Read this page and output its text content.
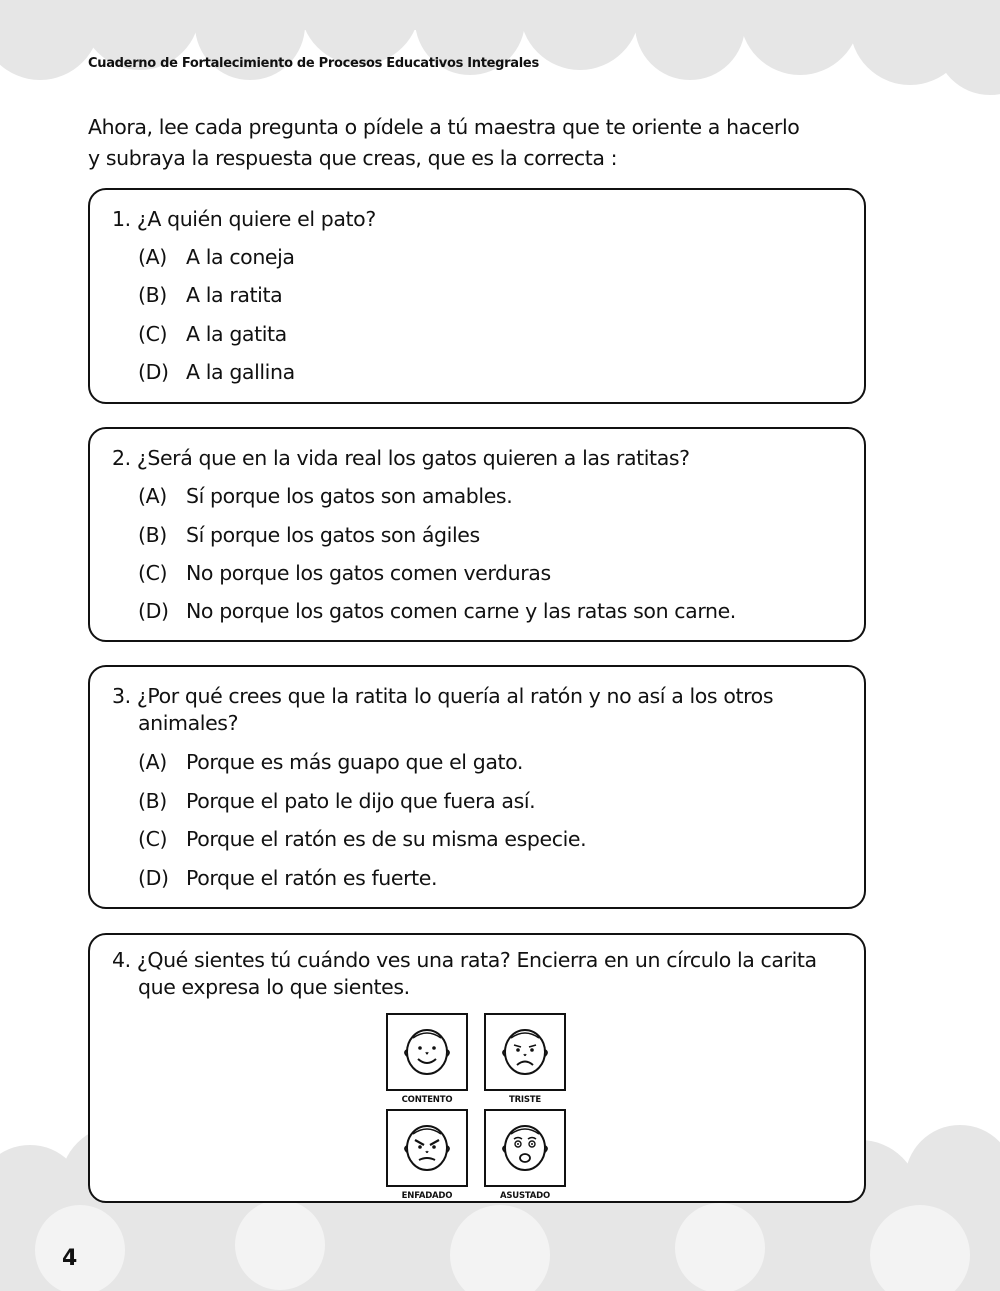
Cuaderno de Fortalecimiento de Procesos Educativos Integrales
Ahora, lee cada pregunta o pídele a tú maestra que te oriente a hacerlo
y subraya la respuesta que creas, que es la correcta :
1. ¿A quién quiere el pato?
(A) A la coneja
(B) A la ratita
(C) A la gatita
(D) A la gallina
2. ¿Será que en la vida real los gatos quieren a las ratitas?
(A) Sí porque los gatos son amables.
(B) Sí porque los gatos son ágiles
(C) No porque los gatos comen verduras
(D) No porque los gatos comen carne y las ratas son carne.
3. ¿Por qué crees que la ratita lo quería al ratón y no así a los otros animales?
(A) Porque es más guapo que el gato.
(B) Porque el pato le dijo que fuera así.
(C) Porque el ratón es de su misma especie.
(D) Porque el ratón es fuerte.
4. ¿Qué sientes tú cuándo ves una rata? Encierra en un círculo la carita que expresa lo que sientes.
CONTENTO	TRISTE
ENFADADO	ASUSTADO
4
